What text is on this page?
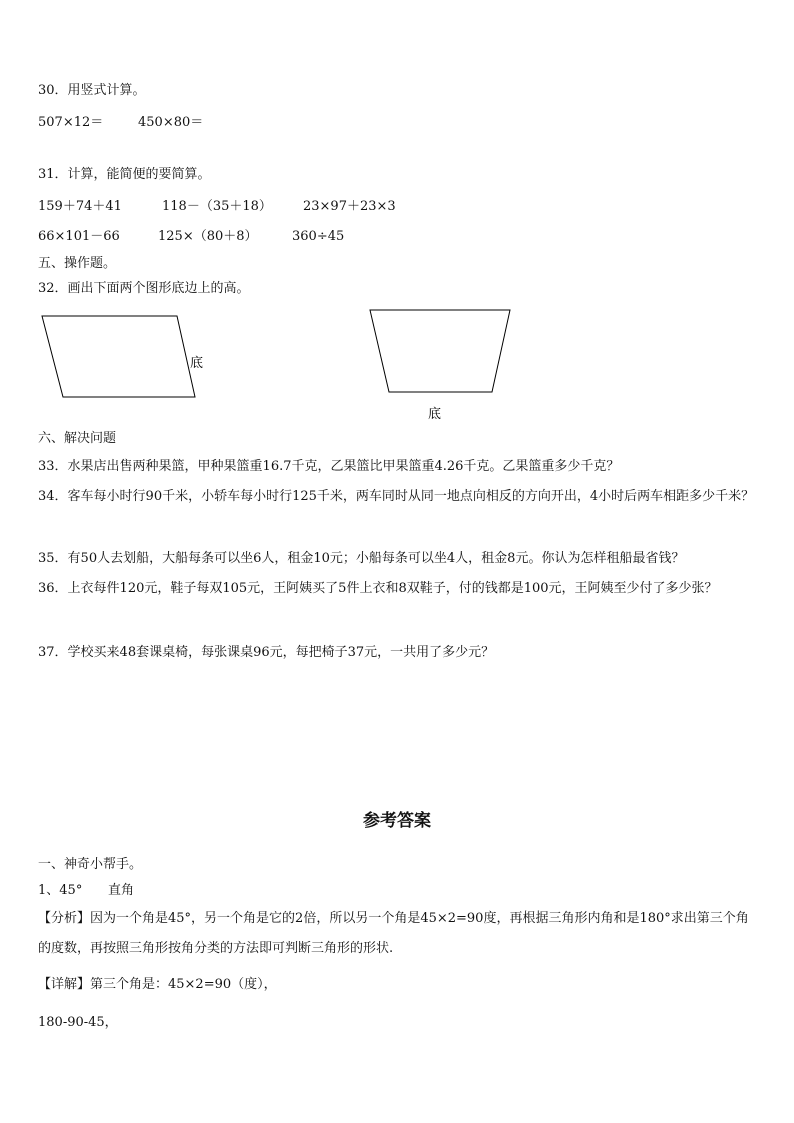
30．用竖式计算。
507×12＝	450×80＝
31．计算，能简便的要简算。
159＋74＋41	118－（35＋18） 23×97＋23×3
66×101－66	125×（80＋8）	360÷45
五、操作题。
32．画出下面两个图形底边上的高。
底
底
六、解决问题
33．水果店出售两种果篮，甲种果篮重16.7千克，乙果篮比甲果篮重4.26千克。乙果篮重多少千克？
34．客车每小时行90千米，小轿车每小时行125千米，两车同时从同一地点向相反的方向开出，4小时后两车相距多少千米？
35．有50人去划船，大船每条可以坐6人，租金10元；小船每条可以坐4人，租金8元。你认为怎样租船最省钱？
36．上衣每件120元，鞋子每双105元，王阿姨买了5件上衣和8双鞋子，付的钱都是100元，王阿姨至少付了多少张？
37．学校买来48套课桌椅，每张课桌96元，每把椅子37元，一共用了多少元？
参考答案
一、神奇小帮手。
1、45° 直角
【分析】因为一个角是45°，另一个角是它的2倍，所以另一个角是45×2=90度，再根据三角形内角和是180°求出第三个角的度数，再按照三角形按角分类的方法即可判断三角形的形状.
【详解】第三个角是：45×2=90（度），
180-90-45，
